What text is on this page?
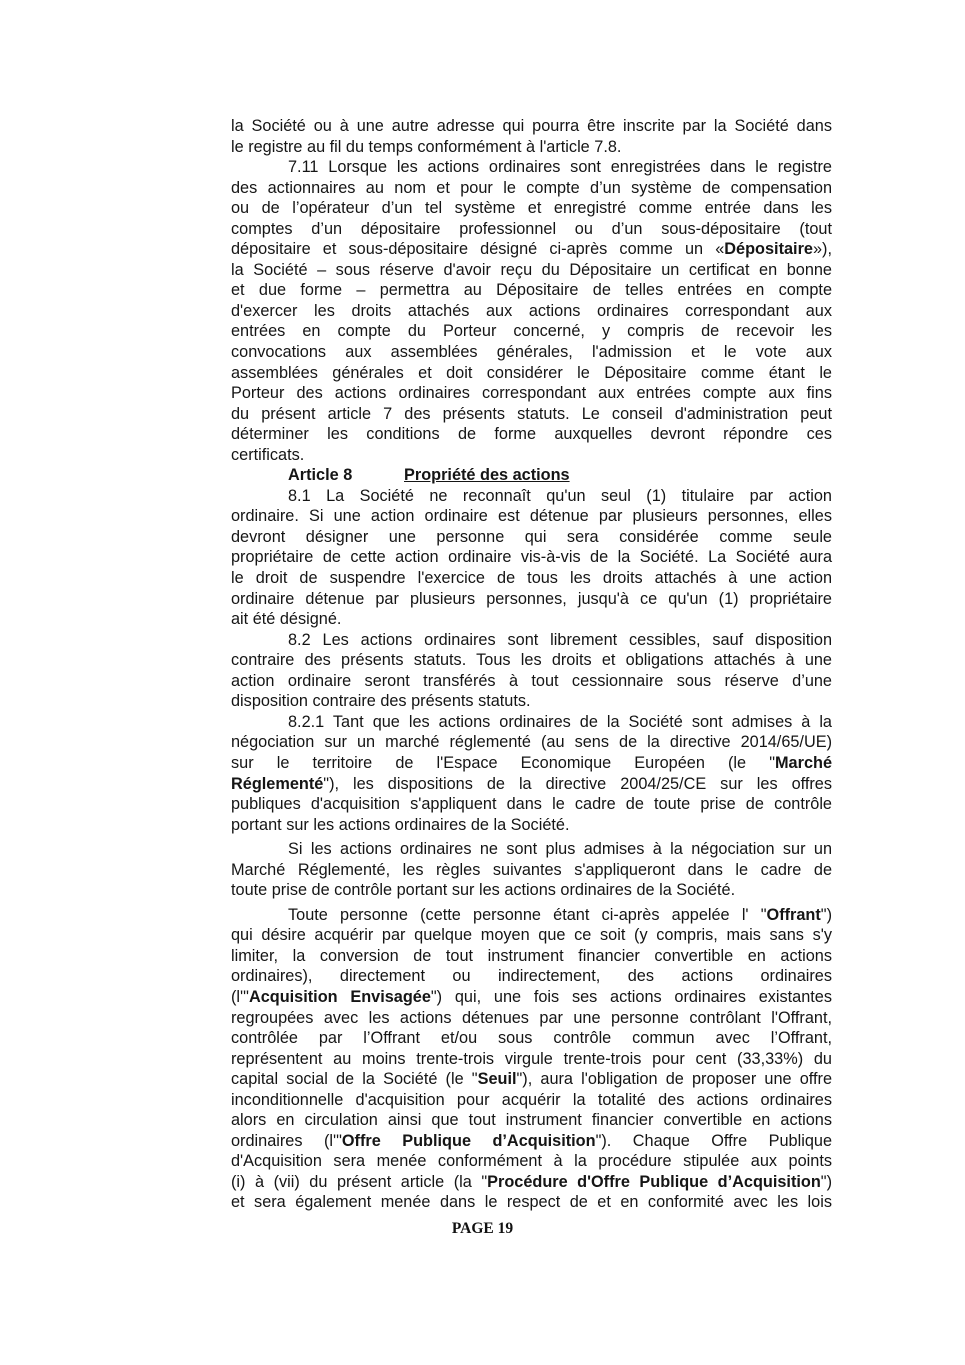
la Société ou à une autre adresse qui pourra être inscrite par la Société dans
le registre au fil du temps conformément à l'article 7.8.
7.11 Lorsque les actions ordinaires sont enregistrées dans le registre
des actionnaires au nom et pour le compte d’un système de compensation
ou de l’opérateur d’un tel système et enregistré comme entrée dans les
comptes d’un dépositaire professionnel ou d’un sous-dépositaire (tout
dépositaire et sous-dépositaire désigné ci-après comme un «Dépositaire»),
la Société – sous réserve d'avoir reçu du Dépositaire un certificat en bonne
et due forme – permettra au Dépositaire de telles entrées en compte
d'exercer les droits attachés aux actions ordinaires correspondant aux
entrées en compte du Porteur concerné, y compris de recevoir les
convocations aux assemblées générales, l'admission et le vote aux
assemblées générales et doit considérer le Dépositaire comme étant le
Porteur des actions ordinaires correspondant aux entrées compte aux fins
du présent article 7 des présents statuts. Le conseil d'administration peut
déterminer les conditions de forme auxquelles devront répondre ces
certificats.
Article 8	Propriété des actions
8.1 La Société ne reconnaît qu'un seul (1) titulaire par action
ordinaire. Si une action ordinaire est détenue par plusieurs personnes, elles
devront désigner une personne qui sera considérée comme seule
propriétaire de cette action ordinaire vis-à-vis de la Société. La Société aura
le droit de suspendre l'exercice de tous les droits attachés à une action
ordinaire détenue par plusieurs personnes, jusqu'à ce qu'un (1) propriétaire
ait été désigné.
8.2 Les actions ordinaires sont librement cessibles, sauf disposition
contraire des présents statuts. Tous les droits et obligations attachés à une
action ordinaire seront transférés à tout cessionnaire sous réserve d’une
disposition contraire des présents statuts.
8.2.1 Tant que les actions ordinaires de la Société sont admises à la
négociation sur un marché réglementé (au sens de la directive 2014/65/UE)
sur le territoire de l'Espace Economique Européen (le "Marché
Réglementé"), les dispositions de la directive 2004/25/CE sur les offres
publiques d'acquisition s'appliquent dans le cadre de toute prise de contrôle
portant sur les actions ordinaires de la Société.
Si les actions ordinaires ne sont plus admises à la négociation sur un
Marché Réglementé, les règles suivantes s'appliqueront dans le cadre de
toute prise de contrôle portant sur les actions ordinaires de la Société.
Toute personne (cette personne étant ci-après appelée l' "Offrant")
qui désire acquérir par quelque moyen que ce soit (y compris, mais sans s'y
limiter, la conversion de tout instrument financier convertible en actions
ordinaires), directement ou indirectement, des actions ordinaires
(l'"Acquisition Envisagée") qui, une fois ses actions ordinaires existantes
regroupées avec les actions détenues par une personne contrôlant l'Offrant,
contrôlée par l’Offrant et/ou sous contrôle commun avec l’Offrant,
représentent au moins trente-trois virgule trente-trois pour cent (33,33%) du
capital social de la Société (le "Seuil"), aura l'obligation de proposer une offre
inconditionnelle d'acquisition pour acquérir la totalité des actions ordinaires
alors en circulation ainsi que tout instrument financier convertible en actions
ordinaires (l'"Offre Publique d’Acquisition"). Chaque Offre Publique
d'Acquisition sera menée conformément à la procédure stipulée aux points
(i) à (vii) du présent article (la "Procédure d'Offre Publique d’Acquisition")
et sera également menée dans le respect de et en conformité avec les lois
PAGE 19
